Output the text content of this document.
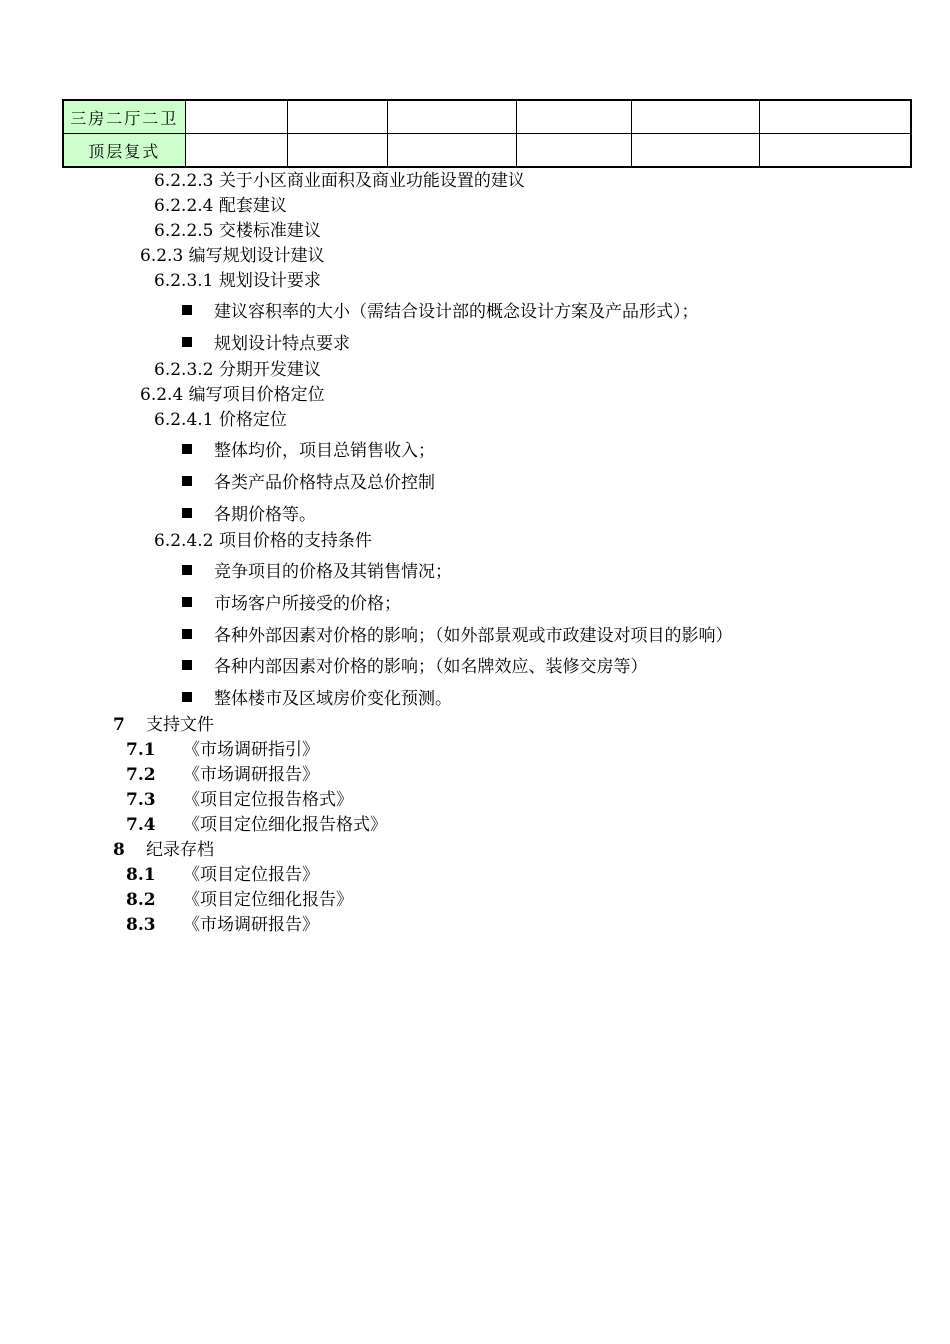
三房二厅二卫						
顶层复式						
6.2.2.3 关于小区商业面积及商业功能设置的建议
6.2.2.4 配套建议
6.2.2.5 交楼标准建议
6.2.3 编写规划设计建议
6.2.3.1 规划设计要求
建议容积率的大小（需结合设计部的概念设计方案及产品形式）；
规划设计特点要求
6.2.3.2 分期开发建议
6.2.4 编写项目价格定位
6.2.4.1 价格定位
整体均价，项目总销售收入；
各类产品价格特点及总价控制
各期价格等。
6.2.4.2 项目价格的支持条件
竞争项目的价格及其销售情况；
市场客户所接受的价格；
各种外部因素对价格的影响；（如外部景观或市政建设对项目的影响）
各种内部因素对价格的影响；（如名牌效应、装修交房等）
整体楼市及区域房价变化预测。
7 支持文件
7.1 《市场调研指引》
7.2 《市场调研报告》
7.3 《项目定位报告格式》
7.4 《项目定位细化报告格式》
8 纪录存档
8.1 《项目定位报告》
8.2 《项目定位细化报告》
8.3 《市场调研报告》
